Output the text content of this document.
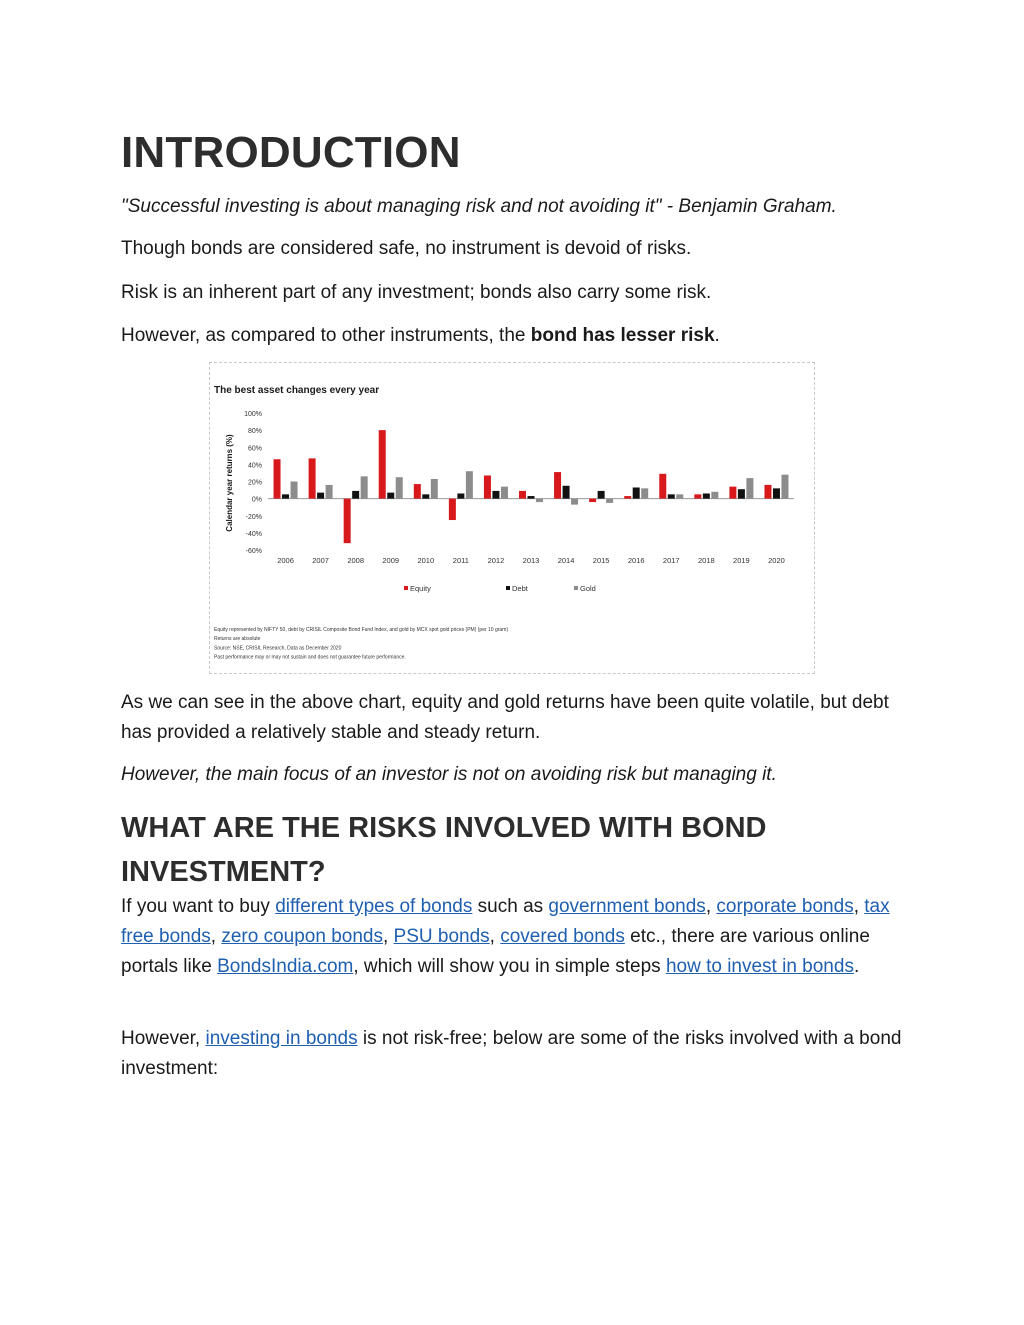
INTRODUCTION

"Successful investing is about managing risk and not avoiding it" - Benjamin Graham.

Though bonds are considered safe, no instrument is devoid of risks.

Risk is an inherent part of any investment; bonds also carry some risk.

However, as compared to other instruments, the bond has lesser risk.

The best asset changes every year
Calendar year returns (%)
100%
80%
60%
40%
20%
0%
-20%
-40%
-60%
2006 2007 2008 2009 2010 2011 2012 2013 2014 2015 2016 2017 2018 2019 2020
Equity	Debt	Gold
Equity represented by NIFTY 50, debt by CRISIL Composite Bond Fund Index, and gold by MCX spot gold prices (PM) (per 10 gram)
Returns are absolute
Source: NSE, CRISIL Research, Data as December 2020
Past performance may or may not sustain and does not guarantee future performance.

As we can see in the above chart, equity and gold returns have been quite volatile, but debt has provided a relatively stable and steady return.

However, the main focus of an investor is not on avoiding risk but managing it.

WHAT ARE THE RISKS INVOLVED WITH BOND INVESTMENT?

If you want to buy different types of bonds such as government bonds, corporate bonds, tax free bonds, zero coupon bonds, PSU bonds, covered bonds etc., there are various online portals like BondsIndia.com, which will show you in simple steps how to invest in bonds.

However, investing in bonds is not risk-free; below are some of the risks involved with a bond investment:
